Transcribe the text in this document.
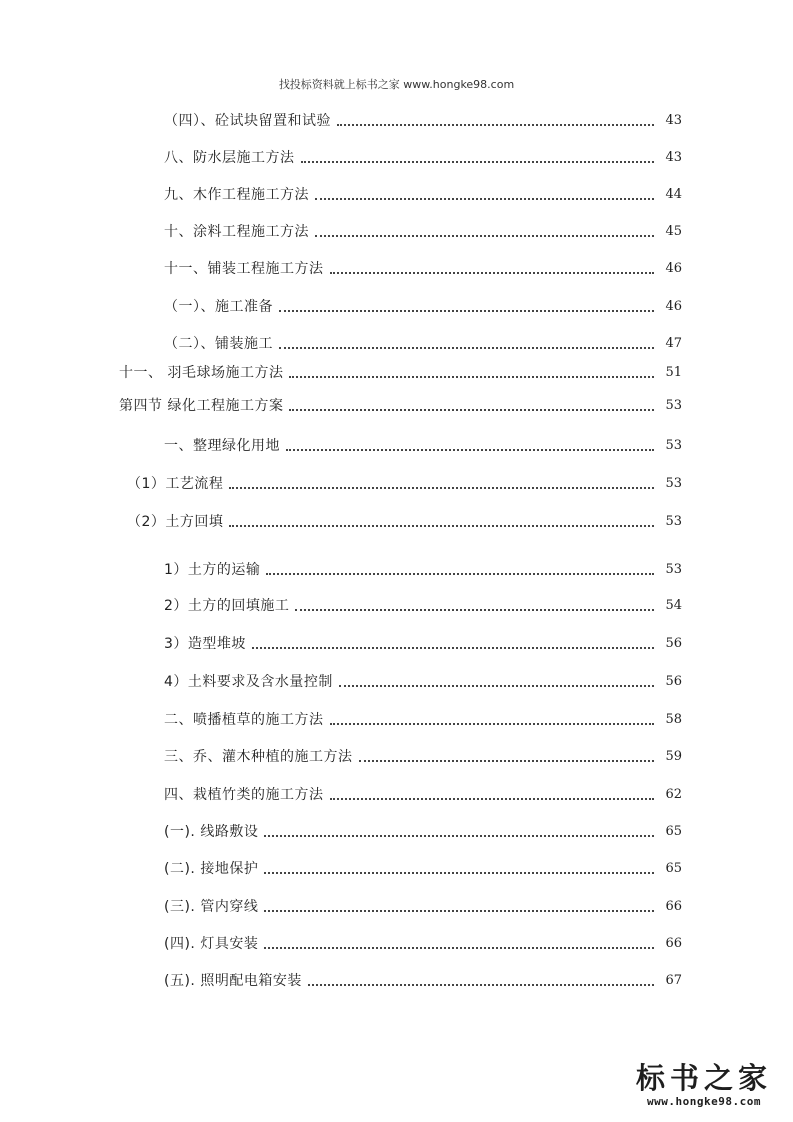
找投标资料就上标书之家 www.hongke98.com
（四）、砼试块留置和试验	43
八、防水层施工方法	43
九、木作工程施工方法	44
十、涂料工程施工方法	45
十一、铺装工程施工方法	46
（一）、施工准备	46
（二）、铺装施工	47
十一、 羽毛球场施工方法	51
第四节 绿化工程施工方案	53
一、整理绿化用地	53
（1）工艺流程	53
（2）土方回填	53
1）土方的运输	53
2）土方的回填施工	54
3）造型堆坡	56
4）土料要求及含水量控制	56
二、喷播植草的施工方法	58
三、乔、灌木种植的施工方法	59
四、栽植竹类的施工方法	62
(一). 线路敷设	65
(二). 接地保护	65
(三). 管内穿线	66
(四). 灯具安装	66
(五). 照明配电箱安装	67
标书之家
www.hongke98.com
